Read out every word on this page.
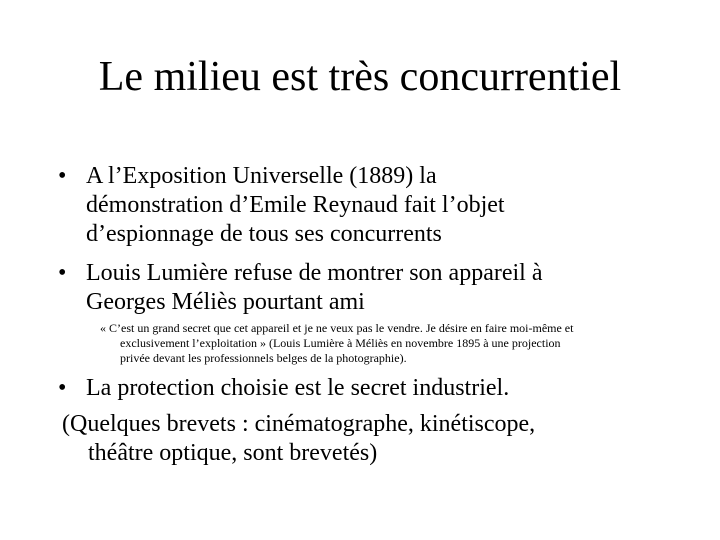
Le milieu est très concurrentiel
• A l’Exposition Universelle (1889) la
démonstration d’Emile Reynaud fait l’objet
d’espionnage de tous ses concurrents
• Louis Lumière refuse de montrer son appareil à
Georges Méliès pourtant ami
« C’est un grand secret que cet appareil et je ne veux pas le vendre. Je désire en faire moi-même et
exclusivement l’exploitation » (Louis Lumière à Méliès en novembre 1895 à une projection
privée devant les professionnels belges de la photographie).
• La protection choisie est le secret industriel.
(Quelques brevets : cinématographe, kinétiscope,
théâtre optique, sont brevetés)
